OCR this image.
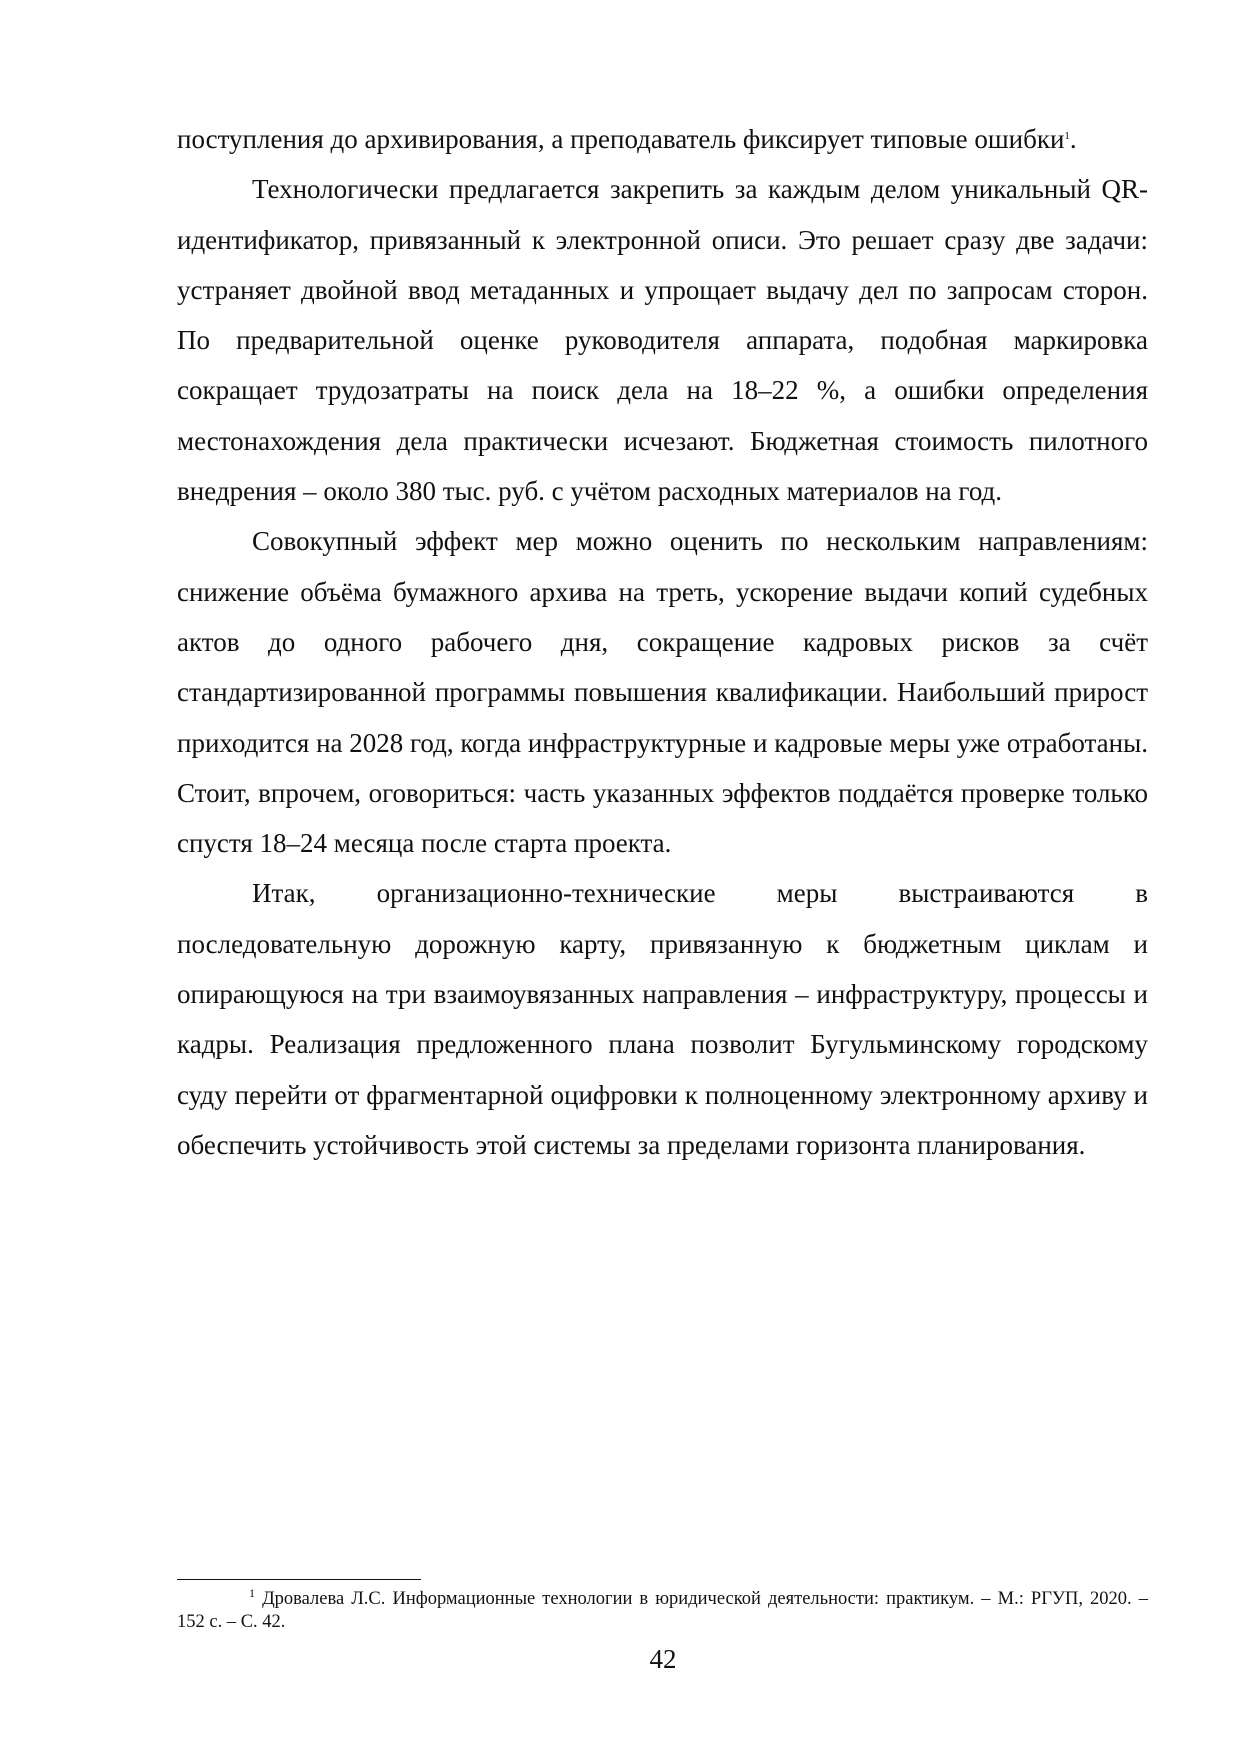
поступления до архивирования, а преподаватель фиксирует типовые ошибки$^1$.

Технологически предлагается закрепить за каждым делом уникальный QR-идентификатор, привязанный к электронной описи. Это решает сразу две задачи: устраняет двойной ввод метаданных и упрощает выдачу дел по запросам сторон. По предварительной оценке руководителя аппарата, подобная маркировка сокращает трудозатраты на поиск дела на 18–22 %, а ошибки определения местонахождения дела практически исчезают. Бюджетная стоимость пилотного внедрения – около 380 тыс. руб. с учётом расходных материалов на год.

Совокупный эффект мер можно оценить по нескольким направлениям: снижение объёма бумажного архива на треть, ускорение выдачи копий судебных актов до одного рабочего дня, сокращение кадровых рисков за счёт стандартизированной программы повышения квалификации. Наибольший прирост приходится на 2028 год, когда инфраструктурные и кадровые меры уже отработаны. Стоит, впрочем, оговориться: часть указанных эффектов поддаётся проверке только спустя 18–24 месяца после старта проекта.

Итак, организационно-технические меры выстраиваются в последовательную дорожную карту, привязанную к бюджетным циклам и опирающуюся на три взаимоувязанных направления – инфраструктуру, процессы и кадры. Реализация предложенного плана позволит Бугульминскому городскому суду перейти от фрагментарной оцифровки к полноценному электронному архиву и обеспечить устойчивость этой системы за пределами горизонта планирования.

$^1$ Дровалева Л.С. Информационные технологии в юридической деятельности: практикум. – М.: РГУП, 2020. – 152 с. – С. 42.

42
